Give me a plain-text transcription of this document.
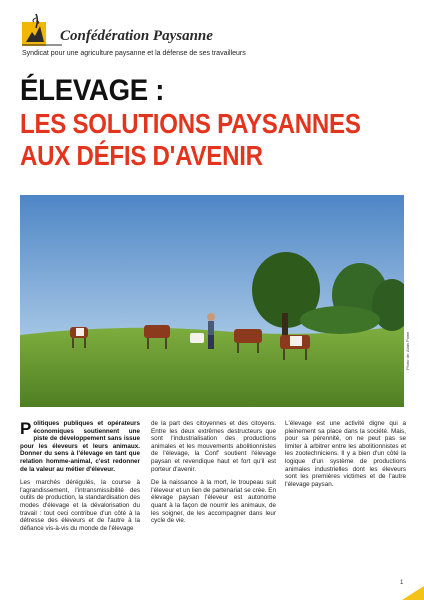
Confédération Paysanne
Syndicat pour une agriculture paysanne et la défense de ses travailleurs
ÉLEVAGE :
LES SOLUTIONS PAYSANNES
AUX DÉFIS D'AVENIR
Photo de: Alain Poirié

Politiques publiques et opérateurs économiques soutiennent une piste de développement sans issue pour les éleveurs et leurs animaux. Donner du sens à l'élevage en tant que relation homme-animal, c'est redonner de la valeur au métier d'éleveur.

Les marchés dérégulés, la course à l'agrandissement, l'intransmissibilité des outils de production, la standardisation des modes d'élevage et la dévalorisation du travail : tout ceci contribue d'un côté à la détresse des éleveurs et de l'autre à la défiance vis-à-vis du monde de l'élevage

de la part des citoyennes et des citoyens. Entre les deux extrêmes destructeurs que sont l'industrialisation des productions animales et les mouvements abolitionnistes de l'élevage, la Conf' soutient l'élevage paysan et revendique haut et fort qu'il est porteur d'avenir.

De la naissance à la mort, le troupeau suit l'éleveur et un lien de partenariat se crée. En élevage paysan l'éleveur est autonome quant à la façon de nourrir les animaux, de les soigner, de les accompagner dans leur cycle de vie.

L'élevage est une activité digne qui a pleinement sa place dans la société. Mais, pour sa pérennité, on ne peut pas se limiter à arbitrer entre les abolitionnistes et les zootechniciens. Il y a bien d'un côté la logique d'un système de productions animales industrielles dont les éleveurs sont les premières victimes et de l'autre l'élevage paysan.

1
